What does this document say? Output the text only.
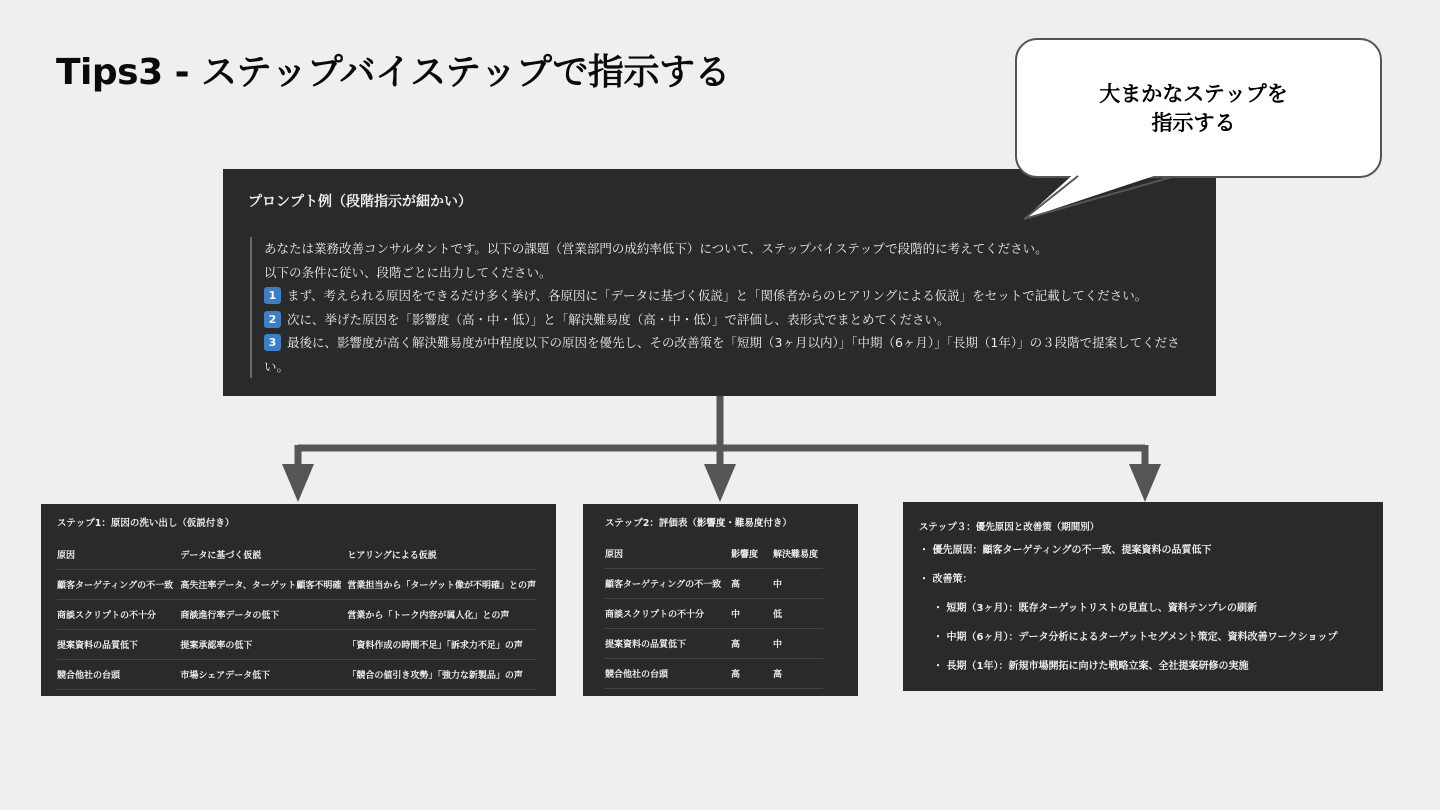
Tips3 - ステップバイステップで指示する

プロンプト例（段階指示が細かい）

あなたは業務改善コンサルタントです。以下の課題（営業部門の成約率低下）について、ステップバイステップで段階的に考えてください。

以下の条件に従い、段階ごとに出力してください。

1 まず、考えられる原因をできるだけ多く挙げ、各原因に「データに基づく仮説」と「関係者からのヒアリングによる仮説」をセットで記載してください。

2 次に、挙げた原因を「影響度（高・中・低）」と「解決難易度（高・中・低）」で評価し、表形式でまとめてください。

3 最後に、影響度が高く解決難易度が中程度以下の原因を優先し、その改善策を「短期（3ヶ月以内）」「中期（6ヶ月）」「長期（1年）」の３段階で提案してください。

大まかなステップを
指示する

ステップ1：原因の洗い出し（仮説付き）

原因	データに基づく仮説	ヒアリングによる仮説
顧客ターゲティングの不一致	高失注率データ、ターゲット顧客不明確	営業担当から「ターゲット像が不明確」との声
商談スクリプトの不十分	商談進行率データの低下	営業から「トーク内容が属人化」との声
提案資料の品質低下	提案承認率の低下	「資料作成の時間不足」「訴求力不足」の声
競合他社の台頭	市場シェアデータ低下	「競合の値引き攻勢」「強力な新製品」の声

ステップ2：評価表（影響度・難易度付き）

原因	影響度	解決難易度
顧客ターゲティングの不一致	高	中
商談スクリプトの不十分	中	低
提案資料の品質低下	高	中
競合他社の台頭	高	高

ステップ３：優先原因と改善策（期間別）

・ 優先原因：顧客ターゲティングの不一致、提案資料の品質低下

・ 改善策：

・ 短期（3ヶ月）：既存ターゲットリストの見直し、資料テンプレの刷新

・ 中期（6ヶ月）：データ分析によるターゲットセグメント策定、資料改善ワークショップ

・ 長期（1年）：新規市場開拓に向けた戦略立案、全社提案研修の実施
